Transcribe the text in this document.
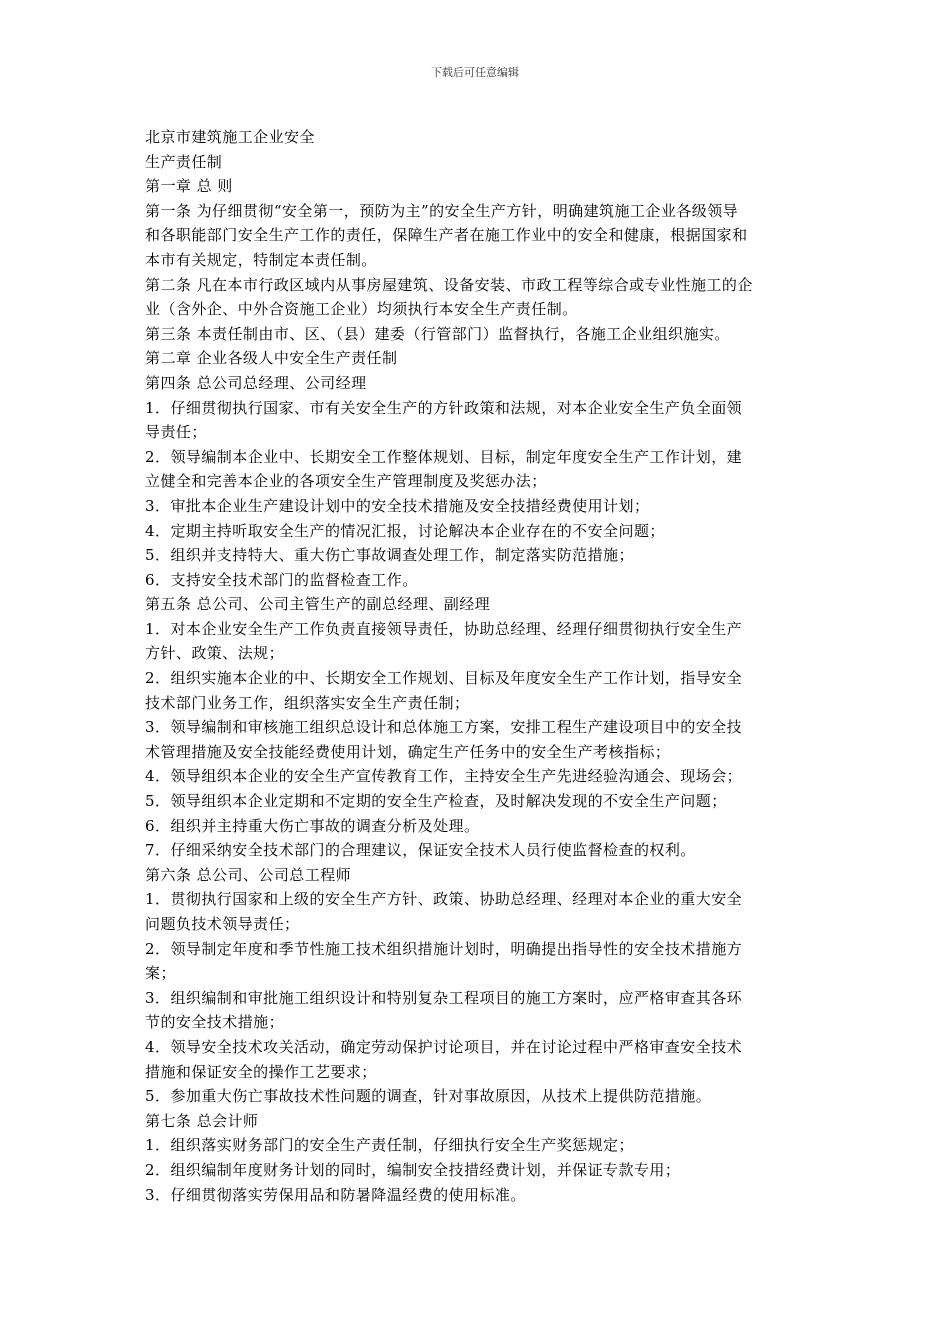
下载后可任意编辑
北京市建筑施工企业安全
生产责任制
第一章 总 则
第一条 为仔细贯彻“安全第一，预防为主”的安全生产方针，明确建筑施工企业各级领导
和各职能部门安全生产工作的责任，保障生产者在施工作业中的安全和健康，根据国家和
本市有关规定，特制定本责任制。
第二条 凡在本市行政区域内从事房屋建筑、设备安装、市政工程等综合或专业性施工的企
业（含外企、中外合资施工企业）均须执行本安全生产责任制。
第三条 本责任制由市、区、（县）建委（行管部门）监督执行，各施工企业组织施实。
第二章 企业各级人中安全生产责任制
第四条 总公司总经理、公司经理
1．仔细贯彻执行国家、市有关安全生产的方针政策和法规，对本企业安全生产负全面领
导责任；
2．领导编制本企业中、长期安全工作整体规划、目标，制定年度安全生产工作计划，建
立健全和完善本企业的各项安全生产管理制度及奖惩办法；
3．审批本企业生产建设计划中的安全技术措施及安全技措经费使用计划；
4．定期主持听取安全生产的情况汇报，讨论解决本企业存在的不安全问题；
5．组织并支持特大、重大伤亡事故调查处理工作，制定落实防范措施；
6．支持安全技术部门的监督检查工作。
第五条 总公司、公司主管生产的副总经理、副经理
1．对本企业安全生产工作负责直接领导责任，协助总经理、经理仔细贯彻执行安全生产
方针、政策、法规；
2．组织实施本企业的中、长期安全工作规划、目标及年度安全生产工作计划，指导安全
技术部门业务工作，组织落实安全生产责任制；
3．领导编制和审核施工组织总设计和总体施工方案，安排工程生产建设项目中的安全技
术管理措施及安全技能经费使用计划，确定生产任务中的安全生产考核指标；
4．领导组织本企业的安全生产宣传教育工作，主持安全生产先进经验沟通会、现场会；
5．领导组织本企业定期和不定期的安全生产检查，及时解决发现的不安全生产问题；
6．组织并主持重大伤亡事故的调查分析及处理。
7．仔细采纳安全技术部门的合理建议，保证安全技术人员行使监督检查的权利。
第六条 总公司、公司总工程师
1．贯彻执行国家和上级的安全生产方针、政策、协助总经理、经理对本企业的重大安全
问题负技术领导责任；
2．领导制定年度和季节性施工技术组织措施计划时，明确提出指导性的安全技术措施方
案；
3．组织编制和审批施工组织设计和特别复杂工程项目的施工方案时，应严格审查其各环
节的安全技术措施；
4．领导安全技术攻关活动，确定劳动保护讨论项目，并在讨论过程中严格审查安全技术
措施和保证安全的操作工艺要求；
5．参加重大伤亡事故技术性问题的调查，针对事故原因，从技术上提供防范措施。
第七条 总会计师
1．组织落实财务部门的安全生产责任制，仔细执行安全生产奖惩规定；
2．组织编制年度财务计划的同时，编制安全技措经费计划，并保证专款专用；
3．仔细贯彻落实劳保用品和防暑降温经费的使用标准。
